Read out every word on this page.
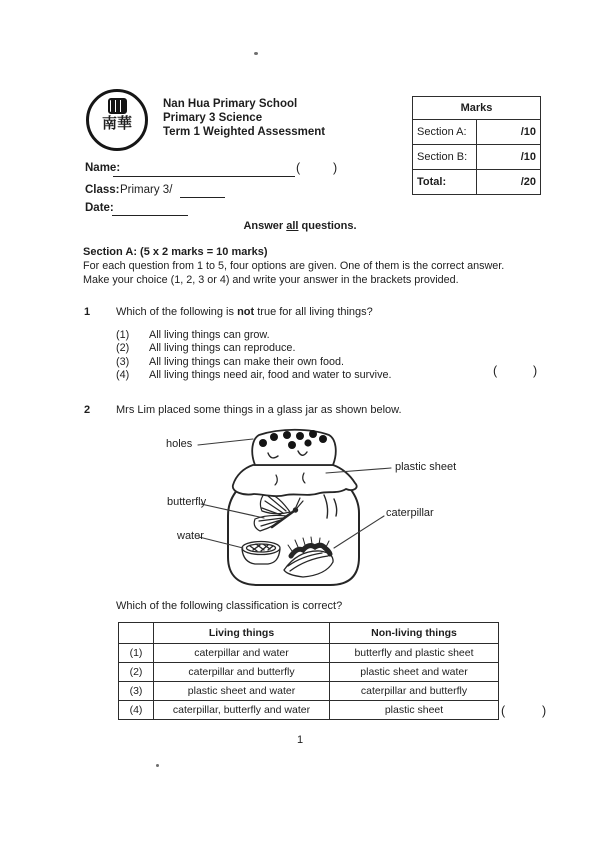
南華
Nan Hua Primary School
Primary 3 Science
Term 1 Weighted Assessment
Marks	
Section A:	/10
Section B:	/10
Total:	/20
Name:	(	)
Class: Primary 3/
Date:
Answer all questions.
Section A: (5 x 2 marks = 10 marks)
For each question from 1 to 5, four options are given. One of them is the correct answer.
Make your choice (1, 2, 3 or 4) and write your answer in the brackets provided.
1 Which of the following is not true for all living things?
(1)	All living things can grow.
(2)	All living things can reproduce.
(3)	All living things can make their own food.
(4)	All living things need air, food and water to survive.	(	)
2 Mrs Lim placed some things in a glass jar as shown below.
holes
plastic sheet
butterfly
caterpillar
water
Which of the following classification is correct?
	Living things	Non-living things
(1)	caterpillar and water	butterfly and plastic sheet
(2)	caterpillar and butterfly	plastic sheet and water
(3)	plastic sheet and water	caterpillar and butterfly
(4)	caterpillar, butterfly and water	plastic sheet	(	)
1
